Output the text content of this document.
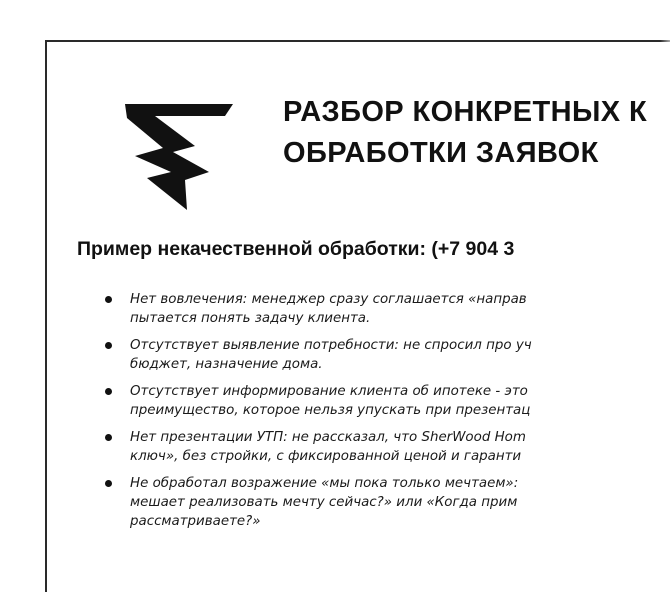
РАЗБОР КОНКРЕТНЫХ К
ОБРАБОТКИ ЗАЯВОК
Пример некачественной обработки: (+7 904 3
Нет вовлечения: менеджер сразу соглашается «направ
пытается понять задачу клиента.
Отсутствует выявление потребности: не спросил про уч
бюджет, назначение дома.
Отсутствует информирование клиента об ипотеке - это
преимущество, которое нельзя упускать при презентац
Нет презентации УТП: не рассказал, что SherWood Hom
ключ», без стройки, с фиксированной ценой и гаранти
Не обработал возражение «мы пока только мечтаем»:
мешает реализовать мечту сейчас?» или «Когда прим
рассматриваете?»
